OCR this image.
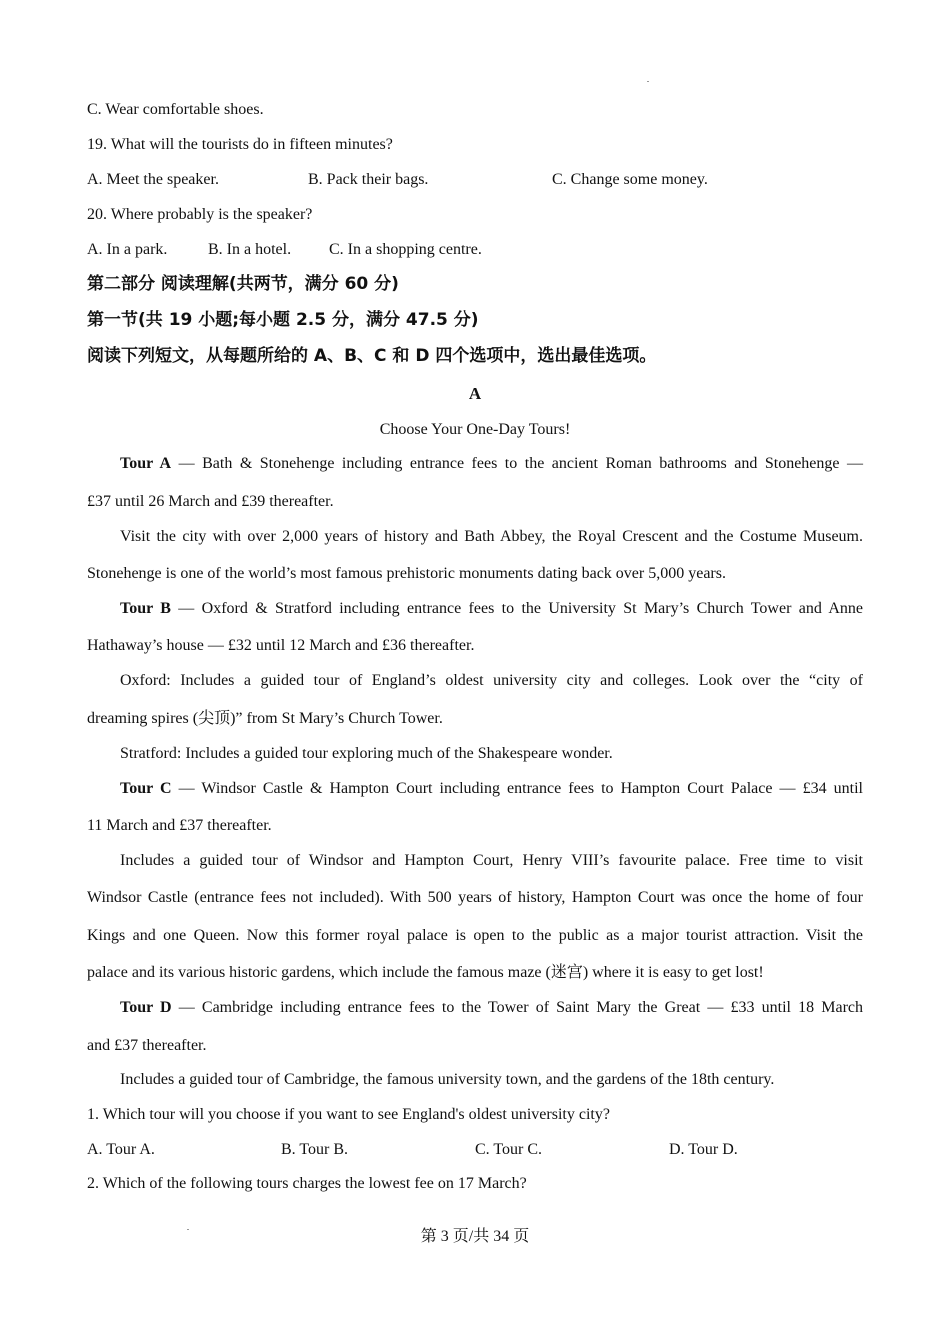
C. Wear comfortable shoes.
19. What will the tourists do in fifteen minutes?
A. Meet the speaker.	B. Pack their bags.	C. Change some money.
20. Where probably is the speaker?
A. In a park.	B. In a hotel. C. In a shopping centre.
第二部分 阅读理解(共两节，满分 60 分)
第一节(共 19 小题;每小题 2.5 分，满分 47.5 分)
阅读下列短文，从每题所给的 A、B、C 和 D 四个选项中，选出最佳选项。
A
Choose Your One-Day Tours!
Tour A — Bath & Stonehenge including entrance fees to the ancient Roman bathrooms and Stonehenge —
£37 until 26 March and £39 thereafter.
Visit the city with over 2,000 years of history and Bath Abbey, the Royal Crescent and the Costume Museum.
Stonehenge is one of the world’s most famous prehistoric monuments dating back over 5,000 years.
Tour B — Oxford & Stratford including entrance fees to the University St Mary’s Church Tower and Anne
Hathaway’s house — £32 until 12 March and £36 thereafter.
Oxford: Includes a guided tour of England’s oldest university city and colleges. Look over the “city of
dreaming spires (尖顶)” from St Mary’s Church Tower.
Stratford: Includes a guided tour exploring much of the Shakespeare wonder.
Tour C — Windsor Castle & Hampton Court including entrance fees to Hampton Court Palace — £34 until
11 March and £37 thereafter.
Includes a guided tour of Windsor and Hampton Court, Henry VIII’s favourite palace. Free time to visit
Windsor Castle (entrance fees not included). With 500 years of history, Hampton Court was once the home of four
Kings and one Queen. Now this former royal palace is open to the public as a major tourist attraction. Visit the
palace and its various historic gardens, which include the famous maze (迷宫) where it is easy to get lost!
Tour D — Cambridge including entrance fees to the Tower of Saint Mary the Great — £33 until 18 March
and £37 thereafter.
Includes a guided tour of Cambridge, the famous university town, and the gardens of the 18th century.
1. Which tour will you choose if you want to see England's oldest university city?
A. Tour A.	B. Tour B.	C. Tour C.	D. Tour D.
2. Which of the following tours charges the lowest fee on 17 March?
第 3 页/共 34 页
